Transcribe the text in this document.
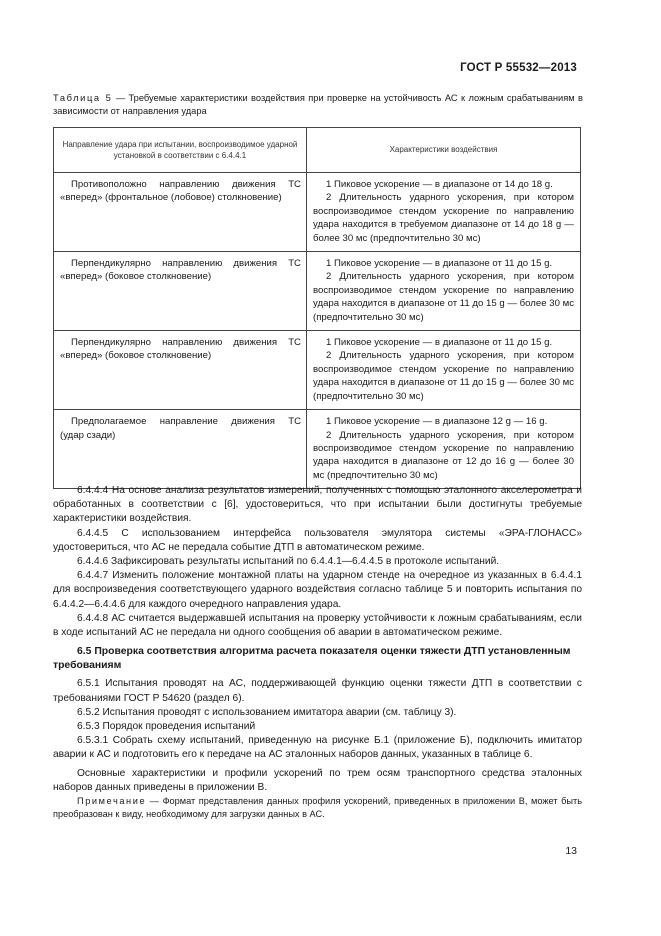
ГОСТ Р 55532—2013
Таблица 5 — Требуемые характеристики воздействия при проверке на устойчивость АС к ложным срабатываниям в зависимости от направления удара
Направление удара при испытании, воспроизводимое ударной установкой в соответствии с 6.4.4.1	Характеристики воздействия

Противоположно направлению движения ТС
«вперед» (фронтальное (лобовое) столкновение)	1 Пиковое ускорение — в диапазоне от 14 до 18 g.
2 Длительность ударного ускорения, при котором воспроизводимое стендом ускорение по направлению удара находится в требуемом диапазоне от 14 до 18 g — более 30 мс (предпочтительно 30 мс)

Перпендикулярно направлению движения ТС
«вперед» (боковое столкновение)	1 Пиковое ускорение — в диапазоне от 11 до 15 g.
2 Длительность ударного ускорения, при котором воспроизводимое стендом ускорение по направлению удара находится в диапазоне от 11 до 15 g — более 30 мс (предпочтительно 30 мс)

Перпендикулярно направлению движения ТС
«вперед» (боковое столкновение)	1 Пиковое ускорение — в диапазоне от 11 до 15 g.
2 Длительность ударного ускорения, при котором воспроизводимое стендом ускорение по направлению удара находится в диапазоне от 11 до 15 g — более 30 мс (предпочтительно 30 мс)

Предполагаемое направление движения ТС
(удар сзади)	1 Пиковое ускорение — в диапазоне 12 g — 16 g.
2 Длительность ударного ускорения, при котором воспроизводимое стендом ускорение по направлению удара находится в диапазоне от 12 до 16 g — более 30 мс (предпочтительно 30 мс)

6.4.4.4 На основе анализа результатов измерений, полученных с помощью эталонного акселерометра и обработанных в соответствии с [6], удостовериться, что при испытании были достигнуты требуемые характеристики воздействия.

6.4.4.5 С использованием интерфейса пользователя эмулятора системы «ЭРА-ГЛОНАСС» удостовериться, что АС не передала событие ДТП в автоматическом режиме.

6.4.4.6 Зафиксировать результаты испытаний по 6.4.4.1—6.4.4.5 в протоколе испытаний.

6.4.4.7 Изменить положение монтажной платы на ударном стенде на очередное из указанных в 6.4.4.1 для воспроизведения соответствующего ударного воздействия согласно таблице 5 и повторить испытания по 6.4.4.2—6.4.4.6 для каждого очередного направления удара.

6.4.4.8 АС считается выдержавшей испытания на проверку устойчивости к ложным срабатываниям, если в ходе испытаний АС не передала ни одного сообщения об аварии в автоматическом режиме.

6.5 Проверка соответствия алгоритма расчета показателя оценки тяжести ДТП установленным требованиям

6.5.1 Испытания проводят на АС, поддерживающей функцию оценки тяжести ДТП в соответствии с требованиями ГОСТ Р 54620 (раздел 6).

6.5.2 Испытания проводят с использованием имитатора аварии (см. таблицу 3).

6.5.3 Порядок проведения испытаний

6.5.3.1 Собрать схему испытаний, приведенную на рисунке Б.1 (приложение Б), подключить имитатор аварии к АС и подготовить его к передаче на АС эталонных наборов данных, указанных в таблице 6.

Основные характеристики и профили ускорений по трем осям транспортного средства эталонных наборов данных приведены в приложении В.

Примечание — Формат представления данных профиля ускорений, приведенных в приложении В, может быть преобразован к виду, необходимому для загрузки данных в АС.

13
